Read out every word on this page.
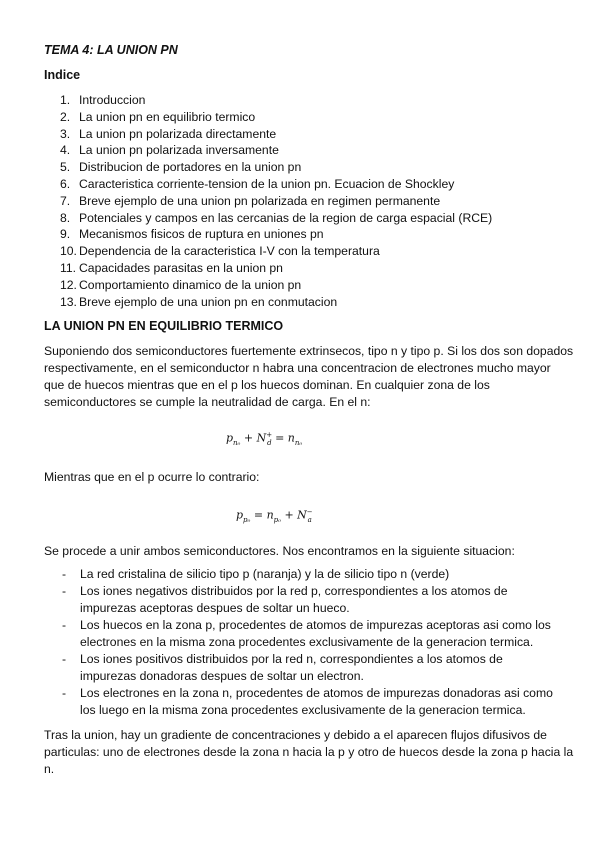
TEMA 4: LA UNION PN
Indice
1. Introduccion
2. La union pn en equilibrio termico
3. La union pn polarizada directamente
4. La union pn polarizada inversamente
5. Distribucion de portadores en la union pn
6. Caracteristica corriente-tension de la union pn. Ecuacion de Shockley
7. Breve ejemplo de una union pn polarizada en regimen permanente
8. Potenciales y campos en las cercanias de la region de carga espacial (RCE)
9. Mecanismos fisicos de ruptura en uniones pn
10. Dependencia de la caracteristica I-V con la temperatura
11. Capacidades parasitas en la union pn
12. Comportamiento dinamico de la union pn
13. Breve ejemplo de una union pn en conmutacion
LA UNION PN EN EQUILIBRIO TERMICO
Suponiendo dos semiconductores fuertemente extrinsecos, tipo n y tipo p. Si los dos son dopados respectivamente, en el semiconductor n habra una concentracion de electrones mucho mayor que de huecos mientras que en el p los huecos dominan. En cualquier zona de los semiconductores se cumple la neutralidad de carga. En el n:
$p_{n_0} + N^+_d = n_{n_0}$
Mientras que en el p ocurre lo contrario:
$p_{p_0} = n_{p_0} + N^-_a$
Se procede a unir ambos semiconductores. Nos encontramos en la siguiente situacion:
- La red cristalina de silicio tipo p (naranja) y la de silicio tipo n (verde)
- Los iones negativos distribuidos por la red p, correspondientes a los atomos de impurezas aceptoras despues de soltar un hueco.
- Los huecos en la zona p, procedentes de atomos de impurezas aceptoras asi como los electrones en la misma zona procedentes exclusivamente de la generacion termica.
- Los iones positivos distribuidos por la red n, correspondientes a los atomos de impurezas donadoras despues de soltar un electron.
- Los electrones en la zona n, procedentes de atomos de impurezas donadoras asi como los luego en la misma zona procedentes exclusivamente de la generacion termica.
Tras la union, hay un gradiente de concentraciones y debido a el aparecen flujos difusivos de particulas: uno de electrones desde la zona n hacia la p y otro de huecos desde la zona p hacia la n.
